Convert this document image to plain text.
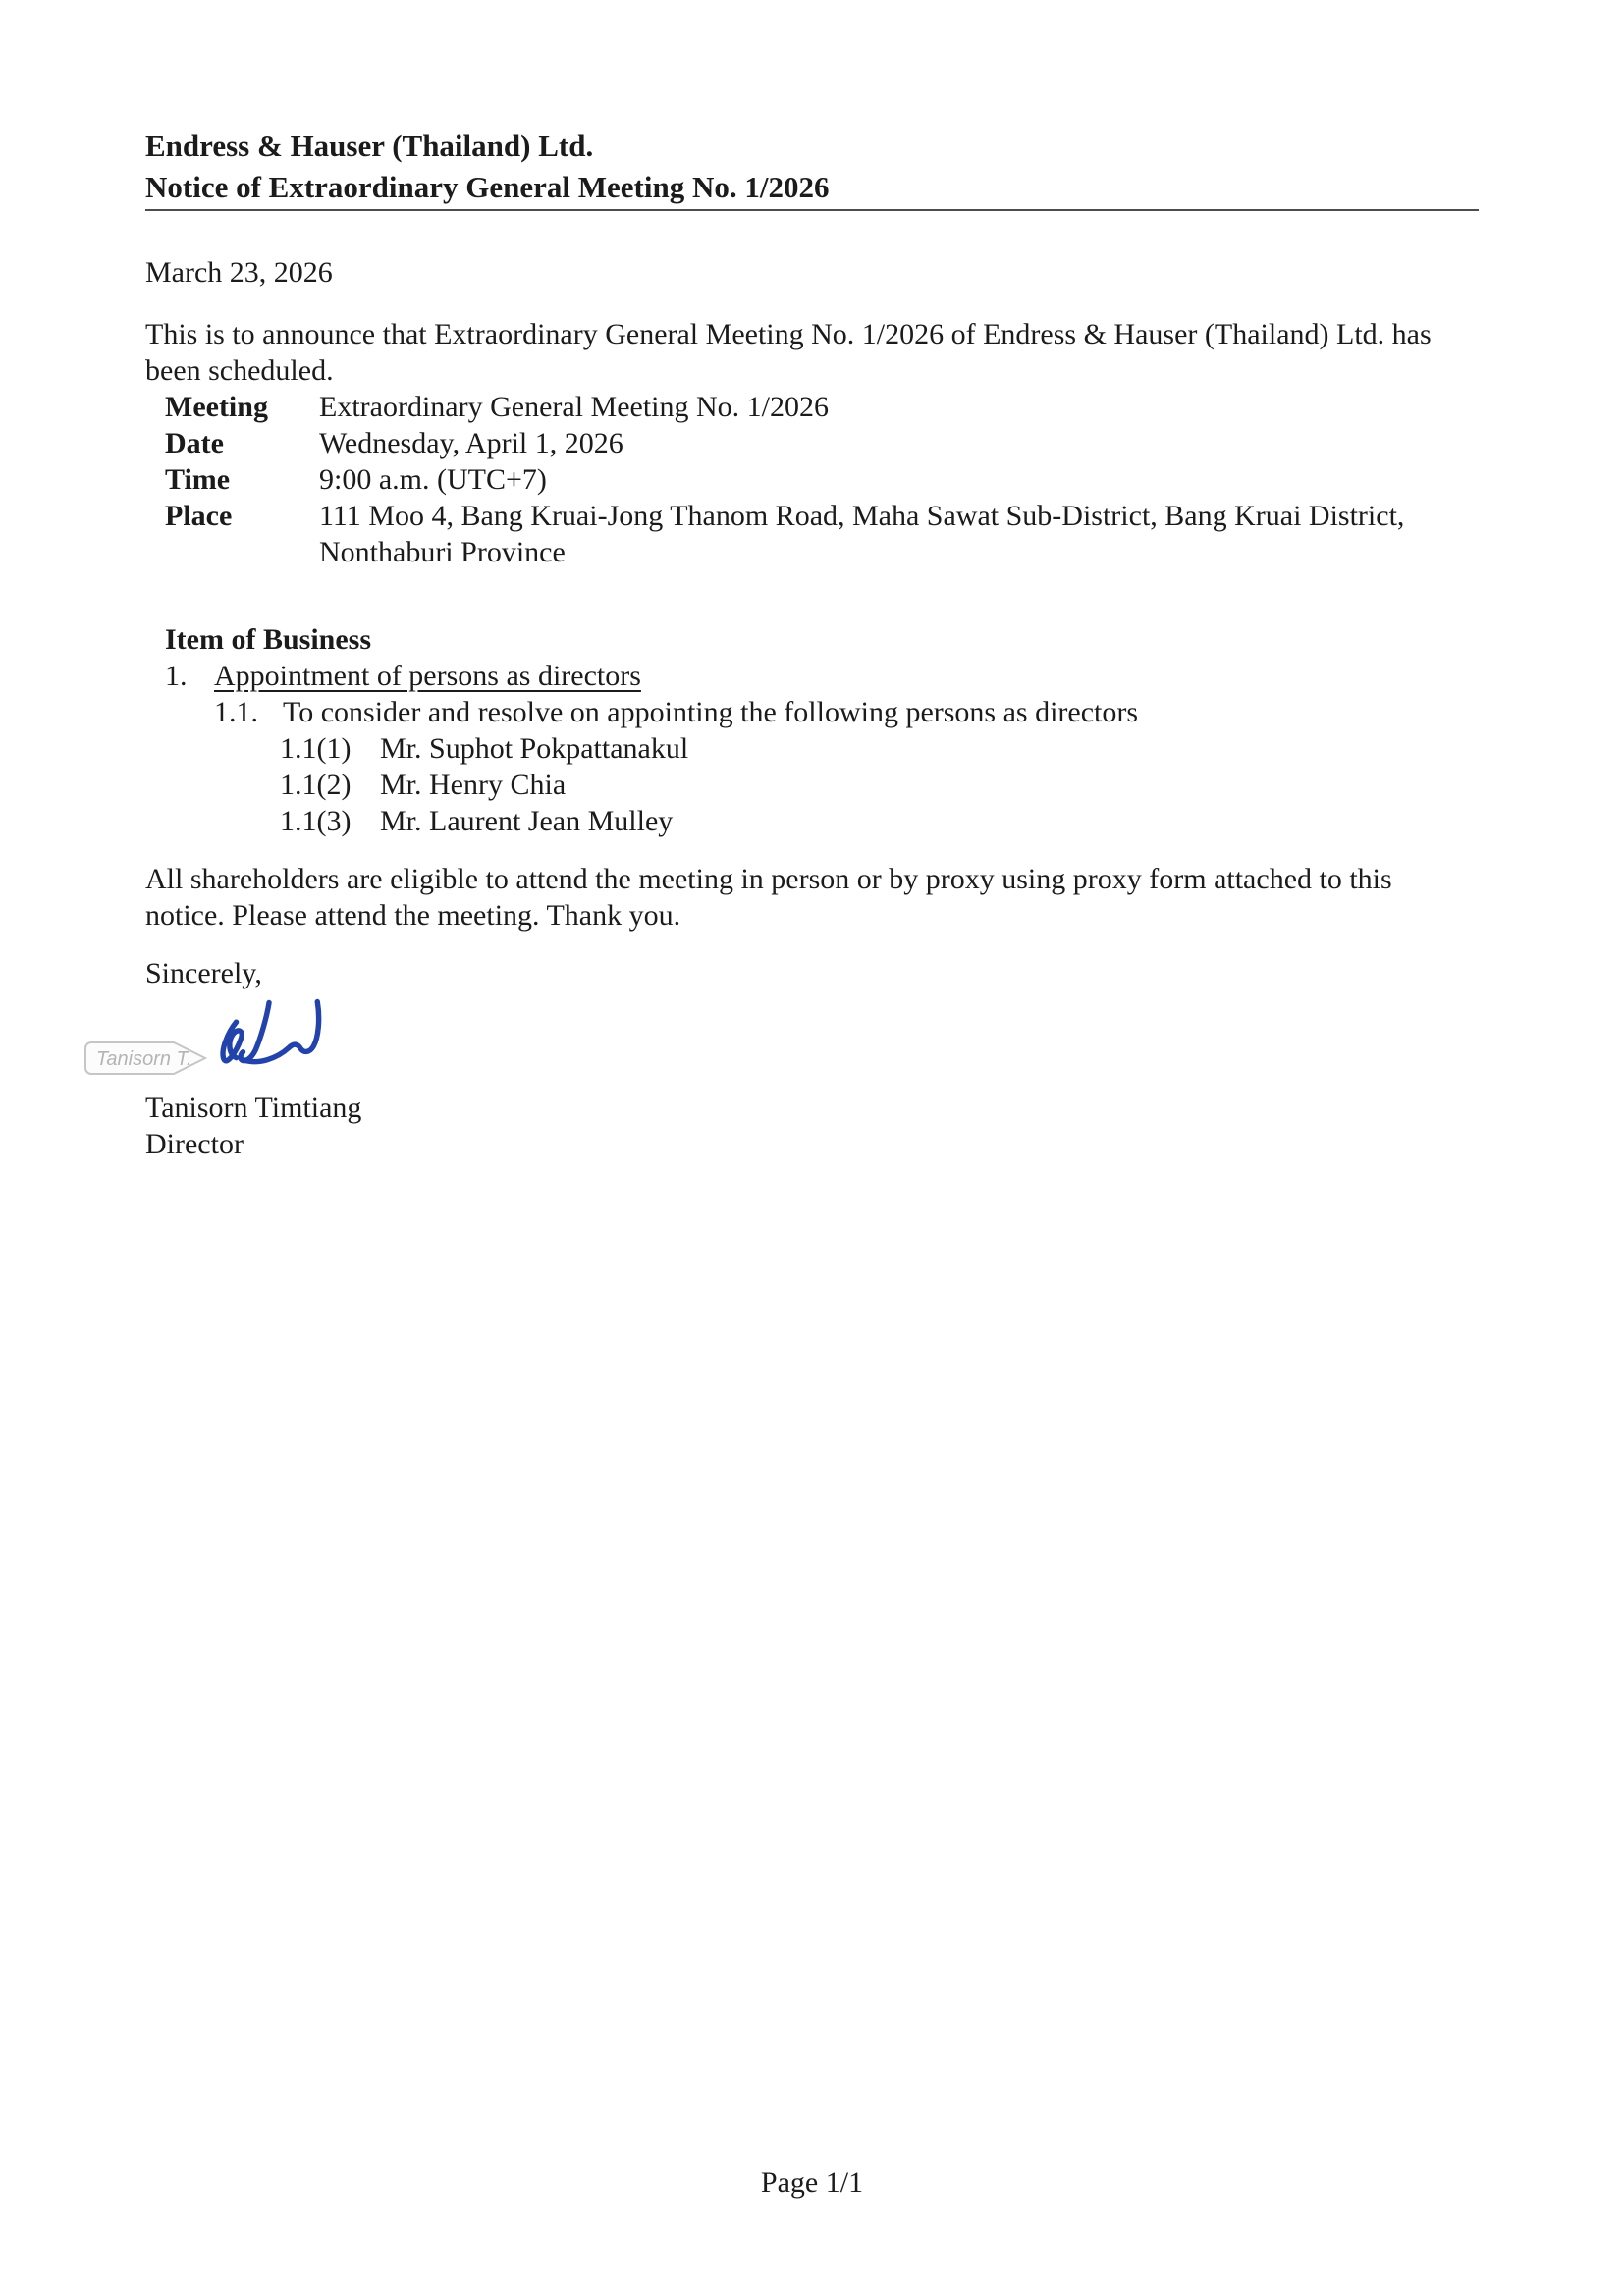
Endress & Hauser (Thailand) Ltd.
Notice of Extraordinary General Meeting No. 1/2026
March 23, 2026
This is to announce that Extraordinary General Meeting No. 1/2026 of Endress & Hauser (Thailand) Ltd. has
been scheduled.
Meeting	Extraordinary General Meeting No. 1/2026
Date	Wednesday, April 1, 2026
Time	9:00 a.m. (UTC+7)
Place	111 Moo 4, Bang Kruai-Jong Thanom Road, Maha Sawat Sub-District, Bang Kruai District,
Nonthaburi Province
Item of Business
1. Appointment of persons as directors
1.1. To consider and resolve on appointing the following persons as directors
1.1(1) Mr. Suphot Pokpattanakul
1.1(2) Mr. Henry Chia
1.1(3) Mr. Laurent Jean Mulley
All shareholders are eligible to attend the meeting in person or by proxy using proxy form attached to this
notice. Please attend the meeting. Thank you.
Sincerely,
Tanisorn T.
Tanisorn Timtiang
Director
Page 1/1
